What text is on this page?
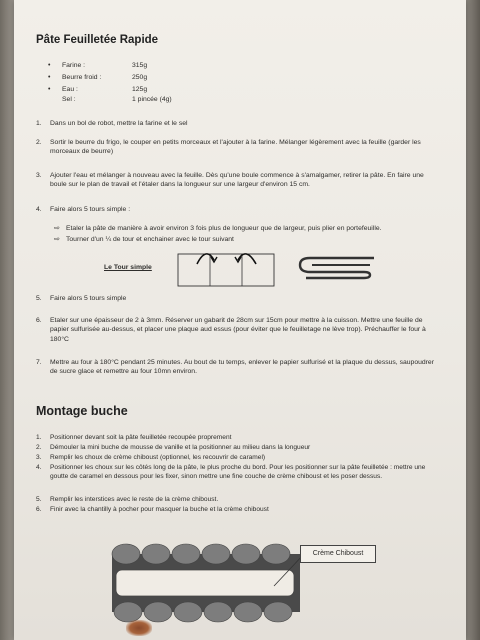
Pâte Feuilletée Rapide
• Farine :	315g
• Beurre froid :	250g
• Eau :	125g
Sel :	1 pincée (4g)
1. Dans un bol de robot, mettre la farine et le sel
2. Sortir le beurre du frigo, le couper en petits morceaux et l'ajouter à la farine. Mélanger légèrement avec la feuille (garder les morceaux de beurre)
3. Ajouter l'eau et mélanger à nouveau avec la feuille. Dès qu'une boule commence à s'amalgamer, retirer la pâte. En faire une boule sur le plan de travail et l'étaler dans la longueur sur une largeur d'environ 15 cm.
4. Faire alors 5 tours simple :
⇨ Etaler la pâte de manière à avoir environ 3 fois plus de longueur que de largeur, puis plier en portefeuille.
⇨ Tourner d'un ¼ de tour et enchainer avec le tour suivant
Le Tour simple
5. Faire alors 5 tours simple
6. Etaler sur une épaisseur de 2 à 3mm. Réserver un gabarit de 28cm sur 15cm pour mettre à la cuisson. Mettre une feuille de papier sulfurisée au-dessus, et placer une plaque aud essus (pour éviter que le feuilletage ne lève trop). Préchauffer le four à 180°C
7. Mettre au four à 180°C pendant 25 minutes. Au bout de tu temps, enlever le papier sulfurisé et la plaque du dessus, saupoudrer de sucre glace et remettre au four 10mn environ.
Montage buche
1. Positionner devant soit la pâte feuilletée recoupée proprement
2. Démouler la mini buche de mousse de vanille et la positionner au milieu dans la longueur
3. Remplir les choux de crème chiboust (optionnel, les recouvrir de caramel)
4. Positionner les choux sur les côtés long de la pâte, le plus proche du bord. Pour les positionner sur la pâte feuilletée : mettre une goutte de caramel en dessous pour les fixer, sinon mettre une fine couche de crème chiboust et les poser dessus.
5. Remplir les interstices avec le reste de la crème chiboust.
6. Finir avec la chantilly à pocher pour masquer la buche et la crème chiboust
Crème Chiboust
